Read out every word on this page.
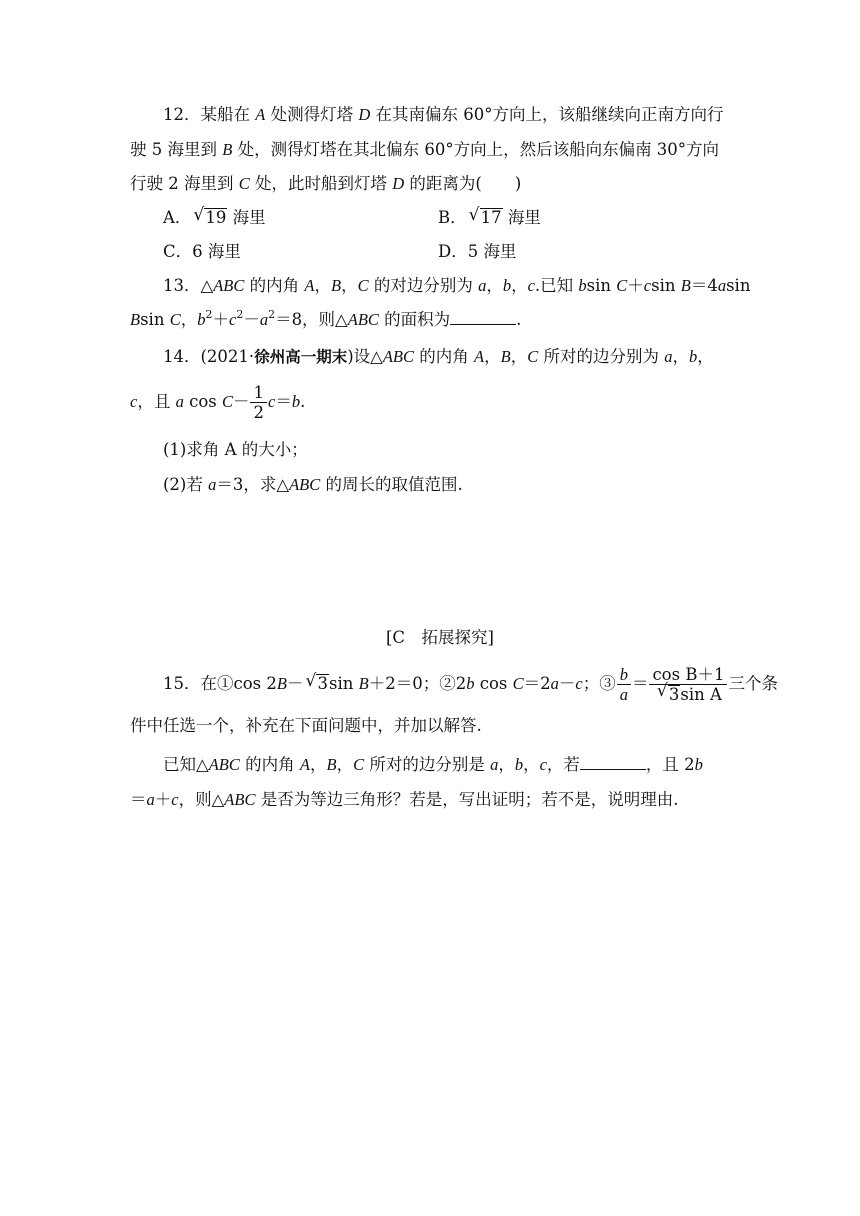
12．某船在 A 处测得灯塔 D 在其南偏东 60°方向上，该船继续向正南方向行
驶 5 海里到 B 处，测得灯塔在其北偏东 60°方向上，然后该船向东偏南 30°方向
行驶 2 海里到 C 处，此时船到灯塔 D 的距离为(　　)
A． √ 19 海里	B． √ 17 海里
C．6 海里	D．5 海里
13．△ABC 的内角 A，B，C 的对边分别为 a，b，c.已知 bsin C＋csin B＝4asin
Bsin C，$b^2+c^2-a^2=8$，则△ABC 的面积为	.
14．(2021·徐州高一期末)设△ABC 的内角 A，B，C 所对的边分别为 a，b，
c，且 a $\cos C- \frac{1}{2} c=b$.
(1)求角 A 的大小；
(2)若 a＝3，求△ABC 的周长的取值范围.
[C　拓展探究]
15．在①cos 2B－ √ 3sin B＋2＝0；②2b cos C＝2a－c；③ $\frac{b}{a} = \frac{\text{cos B＋1}}{\text{√ 3sin A}}$ 三个条
件中任选一个，补充在下面问题中，并加以解答.
已知△ABC 的内角 A，B，C 所对的边分别是 a，b，c，若	，且 2b
＝a＋c，则△ABC 是否为等边三角形？若是，写出证明；若不是，说明理由.
